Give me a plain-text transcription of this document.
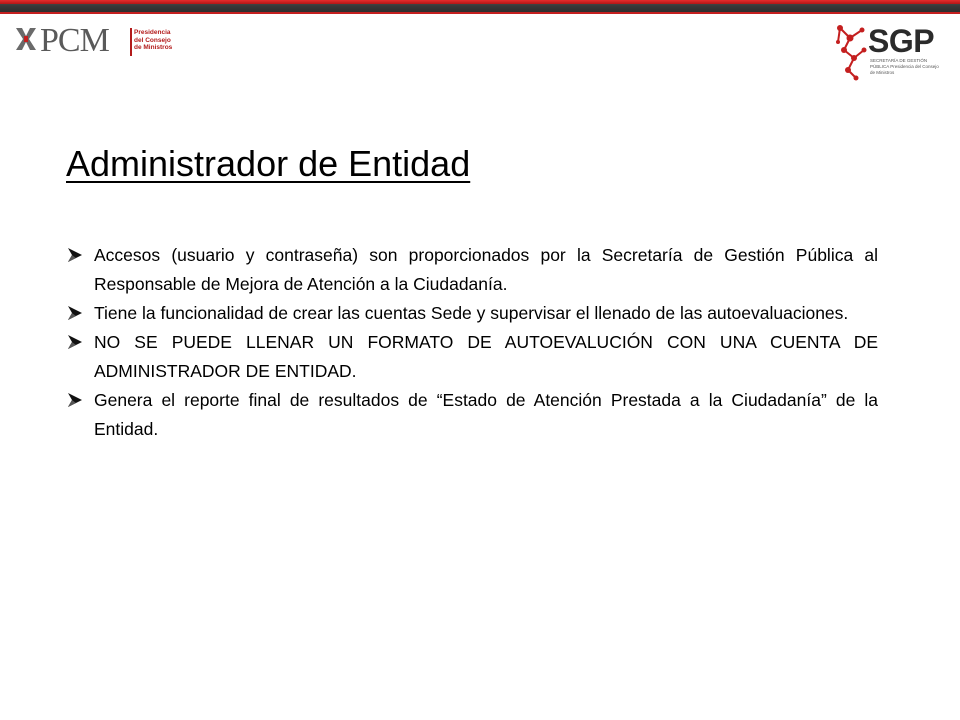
PCM	Presidencia del Consejo de Ministros	SGP
SECRETARÍA DE GESTIÓN PÚBLICA Presidencia del Consejo de Ministros
Administrador de Entidad
Accesos (usuario y contraseña) son proporcionados por la Secretaría de Gestión Pública al Responsable de Mejora de Atención a la Ciudadanía.
Tiene la funcionalidad de crear las cuentas Sede y supervisar el llenado de las autoevaluaciones.
NO SE PUEDE LLENAR UN FORMATO DE AUTOEVALUCIÓN CON UNA CUENTA DE ADMINISTRADOR DE ENTIDAD.
Genera el reporte final de resultados de “Estado de Atención Prestada a la Ciudadanía” de la Entidad.
